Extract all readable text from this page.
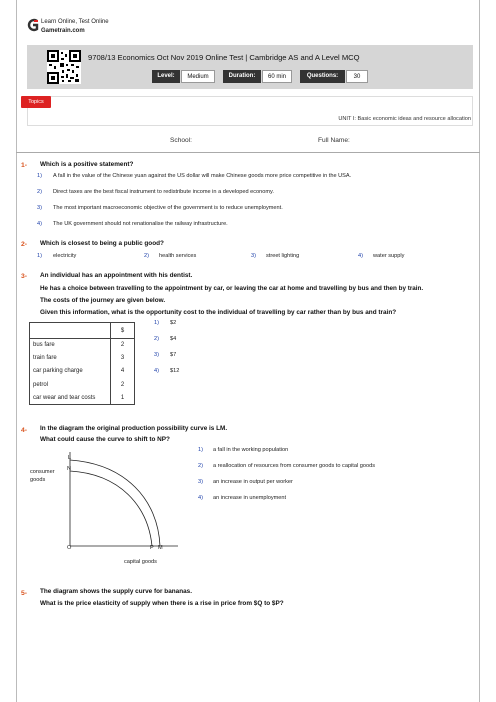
Learn Online, Test Online
Gametrain.com
9708/13 Economics Oct Nov 2019 Online Test | Cambridge AS and A Level MCQ
Level:	Medium	Duration:	60 min	Questions:	30
Topics
UNIT I: Basic economic ideas and resource allocation
School:	Full Name:
1- Which is a positive statement?
1) A fall in the value of the Chinese yuan against the US dollar will make Chinese goods more price competitive in the USA.
2) Direct taxes are the best fiscal instrument to redistribute income in a developed economy.
3) The most important macroeconomic objective of the government is to reduce unemployment.
4) The UK government should not renationalise the railway infrastructure.
2- Which is closest to being a public good?
1) electricity	2) health services	3) street lighting	4) water supply
3- An individual has an appointment with his dentist.
He has a choice between travelling to the appointment by car, or leaving the car at home and travelling by bus and then by train.
The costs of the journey are given below.
Given this information, what is the opportunity cost to the individual of travelling by car rather than by bus and train?
	$
bus fare	2
train fare	3
car parking charge	4
petrol	2
car wear and tear costs	1
1) $2
2) $4
3) $7
4) $12
4- In the diagram the original production possibility curve is LM.
What could cause the curve to shift to NP?
L
N
consumer
goods
O	P M
capital goods
1) a fall in the working population
2) a reallocation of resources from consumer goods to capital goods
3) an increase in output per worker
4) an increase in unemployment
5- The diagram shows the supply curve for bananas.
What is the price elasticity of supply when there is a rise in price from $Q to $P?
